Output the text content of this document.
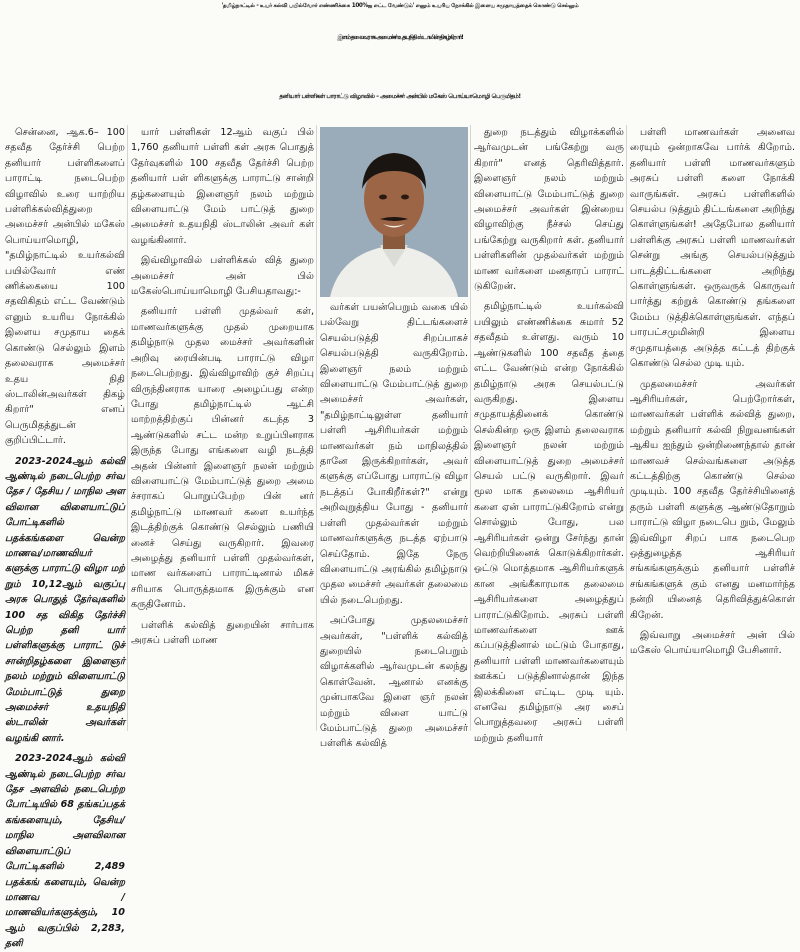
'தமிழ்நாட்டில் - உயர் கல்வி பயில்வோர் எண்ணிக்கை 100%ஐ எட்ட வேண்டும்' எனும் உயரிய நோக்கில் இளைய சமுதாயத்தைக் கொண்டு செல்லும்
இளம் தலைவராக அமைச்சர் உதயநிதி ஸ்டாலின் திகழ்கிறார்!
தனியார் பள்ளிகள் பாராட்டு விழாவில் – அமைச்சர் அன்பில் மகேஸ் பொய்யாமொழி பெருமிதம்!

சென்னை, ஆக.6– 100 சதவீத தேர்ச்சி பெற்ற தனியார் பள்ளிகளைப் பாராட்டி நடைபெற்ற விழாவில் உரை யாற்றிய பள்ளிக்கல்வித்துறை அமைச்சர் அன்பில் மகேஸ் பொய்யாமொழி, "தமிழ்நாட்டில் உயர்கல்வி பயில்வோர் எண் ணிக்கையை 100 சதவிகிதம் எட்ட வேண்டும் எனும் உயரிய நோக்கில் இளைய சமுதாய தைக் கொண்டு செல்லும் இளம் தலைவராக அமைச்சர் உதய நிதி ஸ்டாலின்அவர்கள் திகழ் கிறார்" எனப் பெருமிதத்துடன் குறிப்பிட்டார்.

2023-2024ஆம் கல்வி ஆண்டில் நடைபெற்ற சர்வ தேச / தேசிய / மாநில அள விலான விளையாட்டுப் போட்டிகளில் பதக்கங்களை வென்ற மாணவ/மாணவியர் களுக்கு பாராட்டு விழா மற் றும் 10,12ஆம் வகுப்பு அரசு பொதுத் தேர்வுகளில் 100 சத விகித தேர்ச்சி பெற்ற தனி யார் பள்ளிகளுக்கு பாராட் டுச் சான்றிதழ்களை இளைஞர் நலம் மற்றும் விளையாட்டு மேம்பாட்டுத் துறை அமைச்சர் உதயநிதி ஸ்டாலின் அவர்கள் வழங்கி னார்.

2023-2024ஆம் கல்வி ஆண்டில் நடைபெற்ற சர்வ தேச அளவில் நடைபெற்ற போட்டியில் 68 தங்கப்பதக் கங்களையும், தேசிய/மாநில அளவிலான விளையாட்டுப் போட்டிகளில் 2,489 பதக்கங் களையும், வென்ற மாணவ / மாணவியர்களுக்கும், 10 ஆம் வகுப்பில் 2,283, தனி

யார் பள்ளிகள் 12ஆம் வகுப் பில் 1,760 தனியார் பள்ளி கள் அரசு பொதுத் தேர்வுகளில் 100 சதவீத தேர்ச்சி பெற்ற தனியார் பள் ளிகளுக்கு பாராட்டு சான்றி தழ்களையும் இளைஞர் நலம் மற்றும் விளையாட்டு மேம் பாட்டுத் துறை அமைச்சர் உதயநிதி ஸ்டாலின் அவர் கள் வழங்கினார்.

இவ்விழாவில் பள்ளிக்கல் வித் துறை அமைச்சர் அன் பில் மகேஸ்பொய்யாமொழி பேசியதாவது:-

தனியார் பள்ளி முதல்வர் கள், மாணவர்களுக்கு முதல் முறையாக தமிழ்நாடு முதல மைச்சர் அவர்களின் அறிவு ரையின்படி பாராட்டு விழா நடைபெற்றது. இவ்விழாவிற் குச் சிறப்பு விருந்தினராக யாரை அழைப்பது என்ற போது தமிழ்நாட்டில் ஆட்சி மாற்றத்திற்குப் பின்னர் கடந்த 3 ஆண்டுகளில் சட்ட மன்ற உறுப்பினராக இருந்த போது எங்களை வழி நடத்தி அதன் பின்னர் இளைஞர் நலன் மற்றும் விளையாட்டு மேம்பாட்டுத் துறை அமை ச்சராகப் பொறுப்பேற்ற பின் னர் தமிழ்நாட்டு மாணவர் களை உயர்ந்த இடத்திற்குக் கொண்டு செல்லும் பணியி னைச் செய்து வருகிறார். இவரை அழைத்து தனியார் பள்ளி முதல்வர்கள், மாண வர்களைப் பாராட்டினால் மிகச் சரியாக பொருத்தமாக இருக்கும் என கருதினோம்.

பள்ளிக் கல்வித் துறையின் சார்பாக அரசுப் பள்ளி மாண

வர்கள் பயன்பெறும் வகை யில் பல்வேறு திட்டங்களைச் செயல்படுத்தி சிறப்பாகச் செயல்படுத்தி வருகிறோம். இளைஞர் நலம் மற்றும் விளையாட்டு மேம்பாட்டுத் துறை அமைச்சர் அவர்கள், "தமிழ்நாட்டிலுள்ள தனியார் பள்ளி ஆசிரியர்கள் மற்றும் மாணவர்கள் நம் மாநிலத்தில் தானே இருக்கிறார்கள், அவர் களுக்கு எப்போது பாராட்டு விழா நடத்தப் போகிறீர்கள்?" என்று அறிவுறுத்திய போது - தனியார் பள்ளி முதல்வர்கள் மற்றும் மாணவர்களுக்கு நடத்த ஏற்பாடு செய்தோம். இதே நேரு விளையாட்டு அரங்கில் தமிழ்நாடு முதல மைச்சர் அவர்கள் தலைமை யில் நடைபெற்றது.

அப்போது முதலமைச்சர் அவர்கள், "பள்ளிக் கல்வித் துறையில் நடைபெறும் விழாக்களில் ஆர்வமுடன் கலந்து கொள்வேன். ஆனால் எனக்கு முன்பாகவே இளை ஞர் நலன் மற்றும் விளை யாட்டு மேம்பாட்டுத் துறை அமைச்சர் பள்ளிக் கல்வித்

துறை நடத்தும் விழாக்களில் ஆர்வமுடன் பங்கேற்று வரு கிறார்" எனத் தெரிவித்தார். இளைஞர் நலம் மற்றும் விளையாட்டு மேம்பாட்டுத் துறை அமைச்சர் அவர்கள் இன்றைய விழாவிற்கு நீச்சல் செய்து பங்கேற்று வருகிறார் கள். தனியார் பள்ளிகளின் முதல்வர்கள் மற்றும் மாண வர்களை மனதாரப் பாராட் டுகிறேன்.

தமிழ்நாட்டில் உயர்கல்வி பயிலும் எண்ணிக்கை சுமார் 52 சதவீதம் உள்ளது. வரும் 10 ஆண்டுகளில் 100 சதவீத த்தை எட்ட வேண்டும் என்ற நோக்கில் தமிழ்நாடு அரசு செயல்பட்டு வருகிறது. இளைய சமுதாயத்தினைக் கொண்டு செல்கின்ற ஒரு இளம் தலைவராக இளைஞர் நலன் மற்றும் விளையாட்டுத் துறை அமைச்சர் செயல் பட்டு வருகிறார். இவர் மூல மாக தலைமை ஆசிரியர் களை ஏன் பாராட்டுகிறோம் என்று சொல்லும் போது, பல ஆசிரியர்கள் ஒன்று சேர்ந்து தான் வெற்றியினைக் கொடுக்கிறார்கள். ஒட்டு மொத்தமாக ஆசிரியர்களுக் கான அங்கீகாரமாக தலைமை ஆசிரியர்களை அழைத்துப் பாராட்டுகிறோம். அரசுப் பள்ளி மாணவர்களை ஊக் கப்படுத்தினால் மட்டும் போதாது, தனியார் பள்ளி மாணவர்களையும் ஊக்கப் படுத்தினால்தான் இந்த இலக்கினை எட்டிட முடி யும். எனவே தமிழ்நாடு அர சைப் பொறுத்தவரை அரசுப் பள்ளி மற்றும் தனியார்

பள்ளி மாணவர்கள் அனைவ ரையும் ஒன்றாகவே பார்க் கிறோம். தனியார் பள்ளி மாணவர்களும் அரசுப் பள்ளி களை நோக்கி வாருங்கள். அரசுப் பள்ளிகளில் செயல்ப டுத்தும் திட்டங்களை அறிந்து கொள்ளுங்கள்! அதேபோல தனியார் பள்ளிக்கு அரசுப் பள்ளி மாணவர்கள் சென்று அங்கு செயல்படுத்தும் பாடத்திட்டங்களை அறிந்து கொள்ளுங்கள். ஒருவருக் கொருவர் பார்த்து கற்றுக் கொண்டு தங்களை மேம்ப டுத்திக்கொள்ளுங்கள். எந்தப் பாரபட்சமுமின்றி இளைய சமுதாயத்தை அடுத்த கட்டத் திற்குக் கொண்டு செல்ல முடி யும்.

முதலமைச்சர் அவர்கள் ஆசிரியர்கள், பெற்றோர்கள், மாணவர்கள் பள்ளிக் கல்வித் துறை, மற்றும் தனியார் கல்வி நிறுவனங்கள் ஆகிய ஐந்தும் ஒன்றிணைந்தால் தான் மாணவச் செல்வங்களை அடுத்த கட்டத்திற்கு கொண்டு செல்ல முடியும். 100 சதவீத தேர்ச்சியினைத் தரும் பள்ளி களுக்கு ஆண்டுதோறும் பாராட்டு விழா நடைபெ றும், மேலும் இவ்விழா சிறப் பாக நடைபெற ஒத்துழைத்த ஆசிரியர் சங்கங்களுக்கும் தனியார் பள்ளிச் சங்கங்களுக் கும் எனது மனமார்ந்த நன்றி யினைத் தெரிவித்துக்கொள் கிறேன்.

இவ்வாறு அமைச்சர் அன் பில் மகேஸ் பொய்யாமொழி பேசினார்.
